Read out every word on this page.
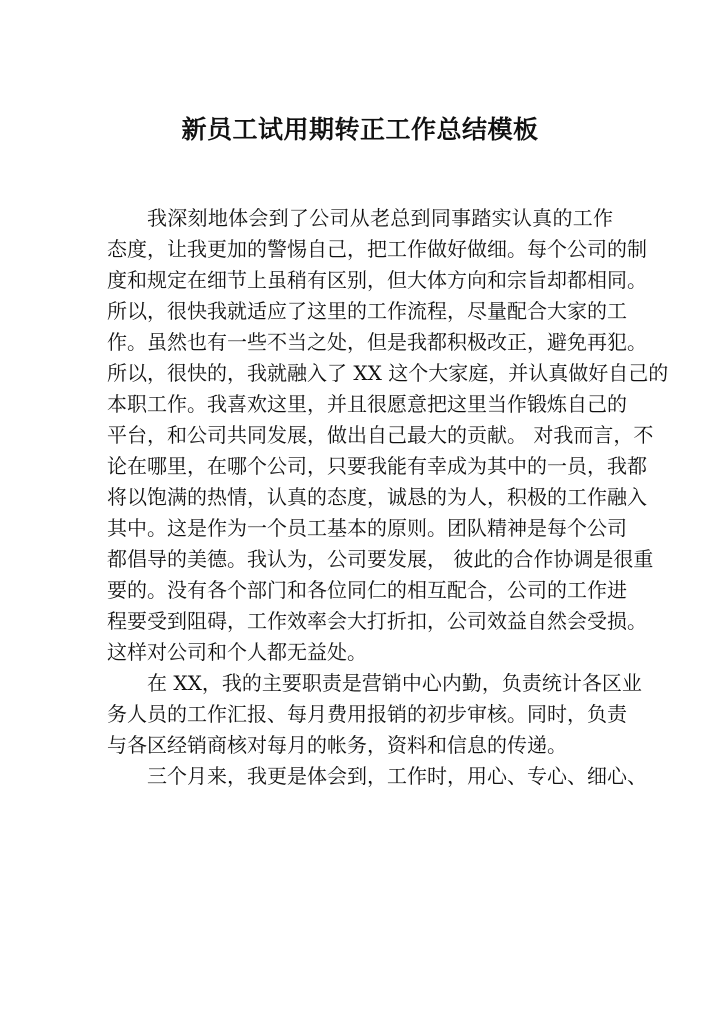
新员工试用期转正工作总结模板
我深刻地体会到了公司从老总到同事踏实认真的工作
态度，让我更加的警惕自己，把工作做好做细。每个公司的制
度和规定在细节上虽稍有区别，但大体方向和宗旨却都相同。
所以，很快我就适应了这里的工作流程，尽量配合大家的工
作。虽然也有一些不当之处，但是我都积极改正，避免再犯。
所以，很快的，我就融入了 XX 这个大家庭，并认真做好自己的
本职工作。我喜欢这里，并且很愿意把这里当作锻炼自己的
平台，和公司共同发展，做出自己最大的贡献。 对我而言，不
论在哪里，在哪个公司，只要我能有幸成为其中的一员，我都
将以饱满的热情，认真的态度，诚恳的为人，积极的工作融入
其中。这是作为一个员工基本的原则。团队精神是每个公司
都倡导的美德。我认为，公司要发展， 彼此的合作协调是很重
要的。没有各个部门和各位同仁的相互配合，公司的工作进
程要受到阻碍，工作效率会大打折扣，公司效益自然会受损。
这样对公司和个人都无益处。
在 XX，我的主要职责是营销中心内勤，负责统计各区业
务人员的工作汇报、每月费用报销的初步审核。同时，负责
与各区经销商核对每月的帐务，资料和信息的传递。
三个月来，我更是体会到，工作时，用心、专心、细心、
